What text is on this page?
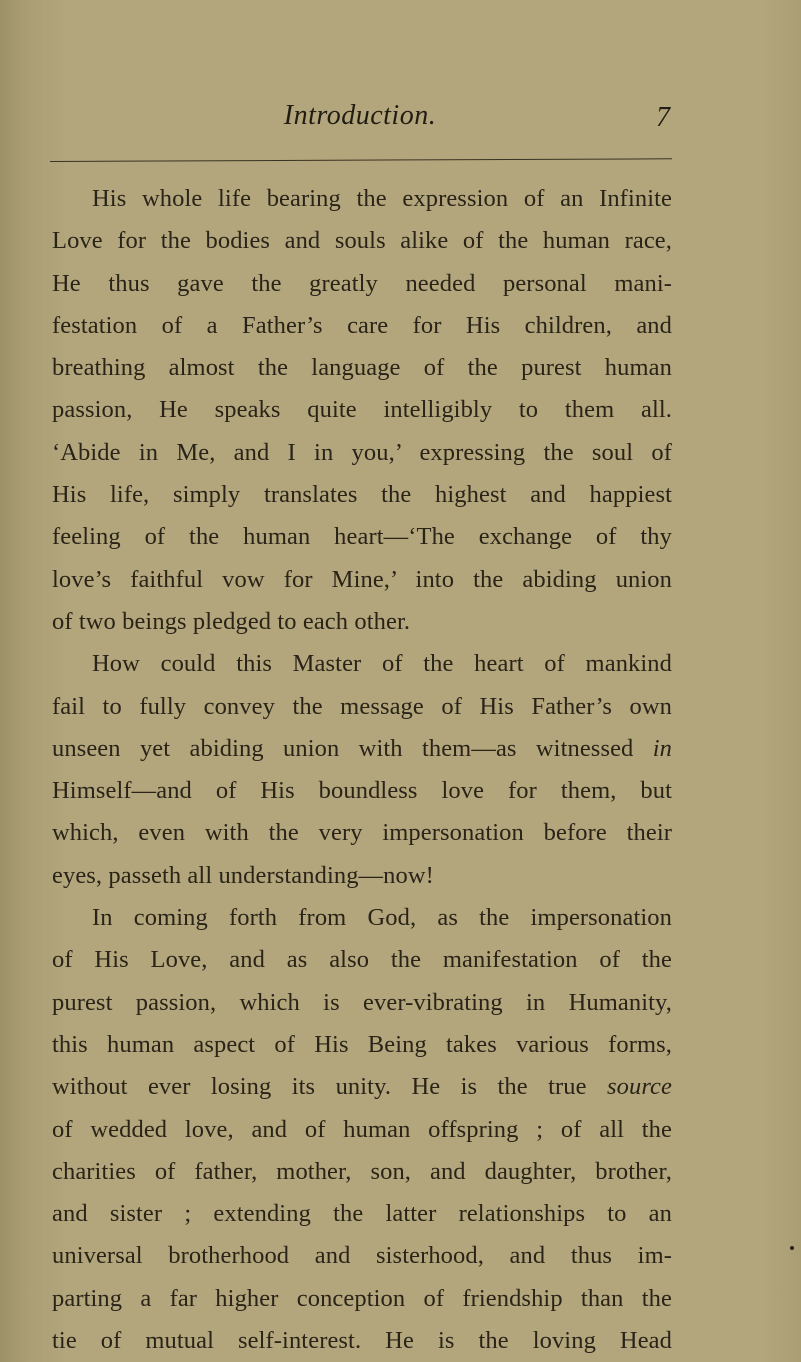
Introduction.	7
His whole life bearing the expression of an Infinite
Love for the bodies and souls alike of the human race,
He thus gave the greatly needed personal mani-
festation of a Father’s care for His children, and
breathing almost the language of the purest human
passion, He speaks quite intelligibly to them all.
‘Abide in Me, and I in you,’ expressing the soul of
His life, simply translates the highest and happiest
feeling of the human heart—‘The exchange of thy
love’s faithful vow for Mine,’ into the abiding union
of two beings pledged to each other.
How could this Master of the heart of mankind
fail to fully convey the message of His Father’s own
unseen yet abiding union with them—as witnessed in
Himself—and of His boundless love for them, but
which, even with the very impersonation before their
eyes, passeth all understanding—now!
In coming forth from God, as the impersonation
of His Love, and as also the manifestation of the
purest passion, which is ever-vibrating in Humanity,
this human aspect of His Being takes various forms,
without ever losing its unity. He is the true source
of wedded love, and of human offspring ; of all the
charities of father, mother, son, and daughter, brother,
and sister ; extending the latter relationships to an
universal brotherhood and sisterhood, and thus im-
parting a far higher conception of friendship than the
tie of mutual self-interest. He is the loving Head
